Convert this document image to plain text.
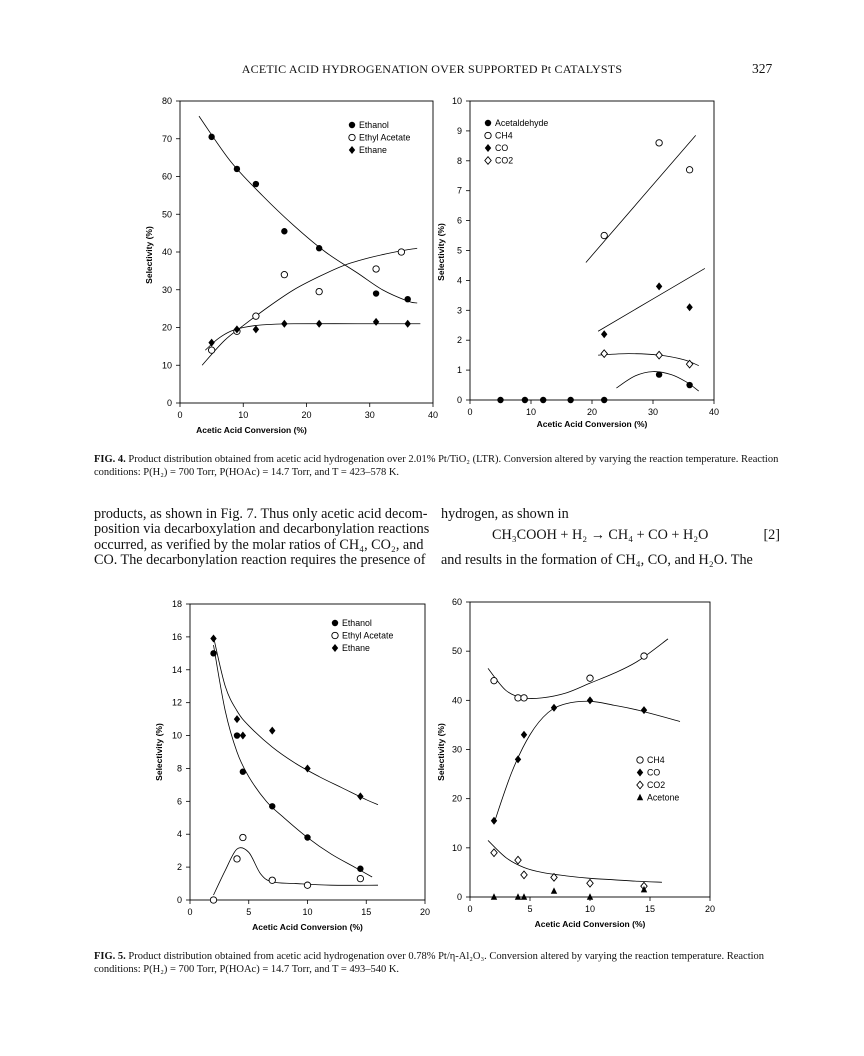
ACETIC ACID HYDROGENATION OVER SUPPORTED Pt CATALYSTS	327
0	10	20	30	40
0
10
20
30
40
50
60
70
80
Acetic Acid Conversion (%)
Selectivity (%)
Ethanol
Ethyl Acetate
Ethane
0	10	20	30	40
0
1
2
3
4
5
6
7
8
9
10
Acetic Acid Conversion (%)
Selectivity (%)
Acetaldehyde
CH4
CO
CO2
0	5	10	15	20
0
2
4
6
8
10
12
14
16
18
Acetic Acid Conversion (%)
Selectivity (%)
Ethanol
Ethyl Acetate
Ethane
0	5	10	15	20
0
10
20
30
40
50
60
Acetic Acid Conversion (%)
Selectivity (%)	CH4
CO
CO2
Acetone
FIG. 4. Product distribution obtained from acetic acid hydrogenation over 2.01% Pt/TiO₂ (LTR). Conversion altered by varying the reaction temperature. Reaction conditions: P(H₂) = 700 Torr, P(HOAc) = 14.7 Torr, and T = 423–578 K.

products, as shown in Fig. 7. Thus only acetic acid decom-

position via decarboxylation and decarbonylation reactions

occurred, as verified by the molar ratios of CH₄, CO₂, and

CO. The decarbonylation reaction requires the presence of

hydrogen, as shown in
CH₃COOH + H₂ → CH₄ + CO + H₂O	[2]
and results in the formation of CH₄, CO, and H₂O. The
FIG. 5. Product distribution obtained from acetic acid hydrogenation over 0.78% Pt/η-Al₂O₃. Conversion altered by varying the reaction temperature. Reaction conditions: P(H₂) = 700 Torr, P(HOAc) = 14.7 Torr, and T = 493–540 K.
